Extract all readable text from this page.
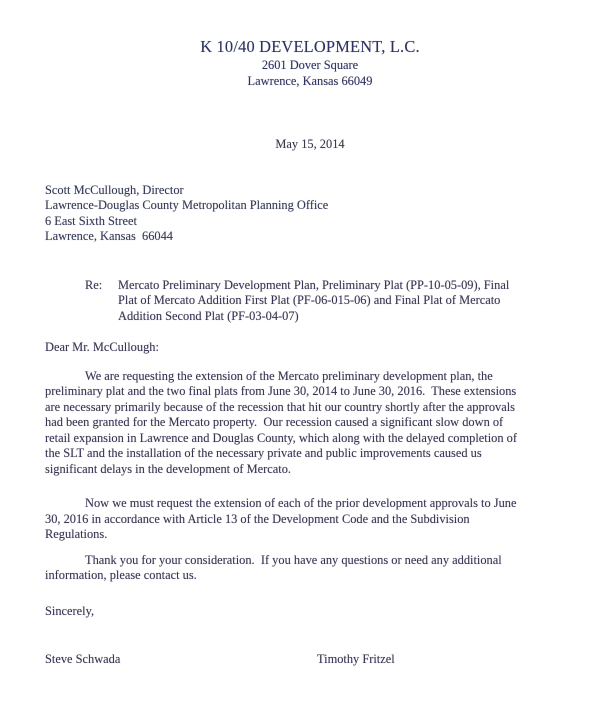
K 10/40 DEVELOPMENT, L.C.
2601 Dover Square
Lawrence, Kansas 66049
May 15, 2014
Scott McCullough, Director
Lawrence-Douglas County Metropolitan Planning Office
6 East Sixth Street
Lawrence, Kansas  66044
Re:	Mercato Preliminary Development Plan, Preliminary Plat (PP-10-05-09), Final
Plat of Mercato Addition First Plat (PF-06-015-06) and Final Plat of Mercato
Addition Second Plat (PF-03-04-07)
Dear Mr. McCullough:
We are requesting the extension of the Mercato preliminary development plan, the
preliminary plat and the two final plats from June 30, 2014 to June 30, 2016.  These extensions
are necessary primarily because of the recession that hit our country shortly after the approvals
had been granted for the Mercato property.  Our recession caused a significant slow down of
retail expansion in Lawrence and Douglas County, which along with the delayed completion of
the SLT and the installation of the necessary private and public improvements caused us
significant delays in the development of Mercato.
Now we must request the extension of each of the prior development approvals to June
30, 2016 in accordance with Article 13 of the Development Code and the Subdivision
Regulations.
Thank you for your consideration.  If you have any questions or need any additional
information, please contact us.
Sincerely,
Steve Schwada	Timothy Fritzel
